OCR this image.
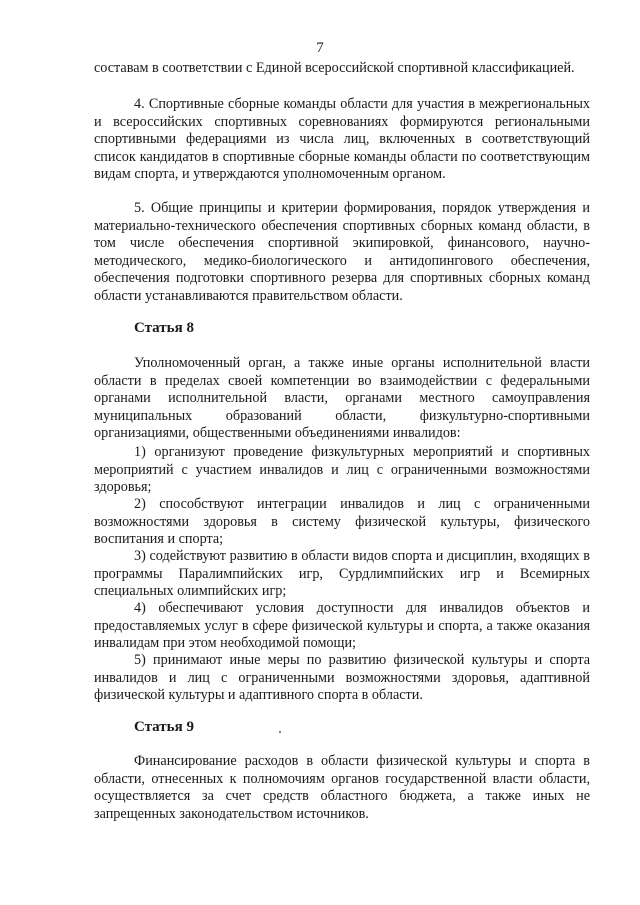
7

составам в соответствии с Единой всероссийской спортивной классификацией.

4. Спортивные сборные команды области для участия в межрегиональных и всероссийских спортивных соревнованиях формируются региональными спортивными федерациями из числа лиц, включенных в соответствующий список кандидатов в спортивные сборные команды области по соответствующим видам спорта, и утверждаются уполномоченным органом.

5. Общие принципы и критерии формирования, порядок утверждения и материально-технического обеспечения спортивных сборных команд области, в том числе обеспечения спортивной экипировкой, финансового, научно-методического, медико-биологического и антидопингового обеспечения, обеспечения подготовки спортивного резерва для спортивных сборных команд области устанавливаются правительством области.

Статья 8

Уполномоченный орган, а также иные органы исполнительной власти области в пределах своей компетенции во взаимодействии с федеральными органами исполнительной власти, органами местного самоуправления муниципальных образований области, физкультурно-спортивными организациями, общественными объединениями инвалидов:

1) организуют проведение физкультурных мероприятий и спортивных мероприятий с участием инвалидов и лиц с ограниченными возможностями здоровья;

2) способствуют интеграции инвалидов и лиц с ограниченными возможностями здоровья в систему физической культуры, физического воспитания и спорта;

3) содействуют развитию в области видов спорта и дисциплин, входящих в программы Паралимпийских игр, Сурдлимпийских игр и Всемирных специальных олимпийских игр;

4) обеспечивают условия доступности для инвалидов объектов и предоставляемых услуг в сфере физической культуры и спорта, а также оказания инвалидам при этом необходимой помощи;

5) принимают иные меры по развитию физической культуры и спорта инвалидов и лиц с ограниченными возможностями здоровья, адаптивной физической культуры и адаптивного спорта в области.

Статья 9

Финансирование расходов в области физической культуры и спорта в области, отнесенных к полномочиям органов государственной власти области, осуществляется за счет средств областного бюджета, а также иных не запрещенных законодательством источников.
